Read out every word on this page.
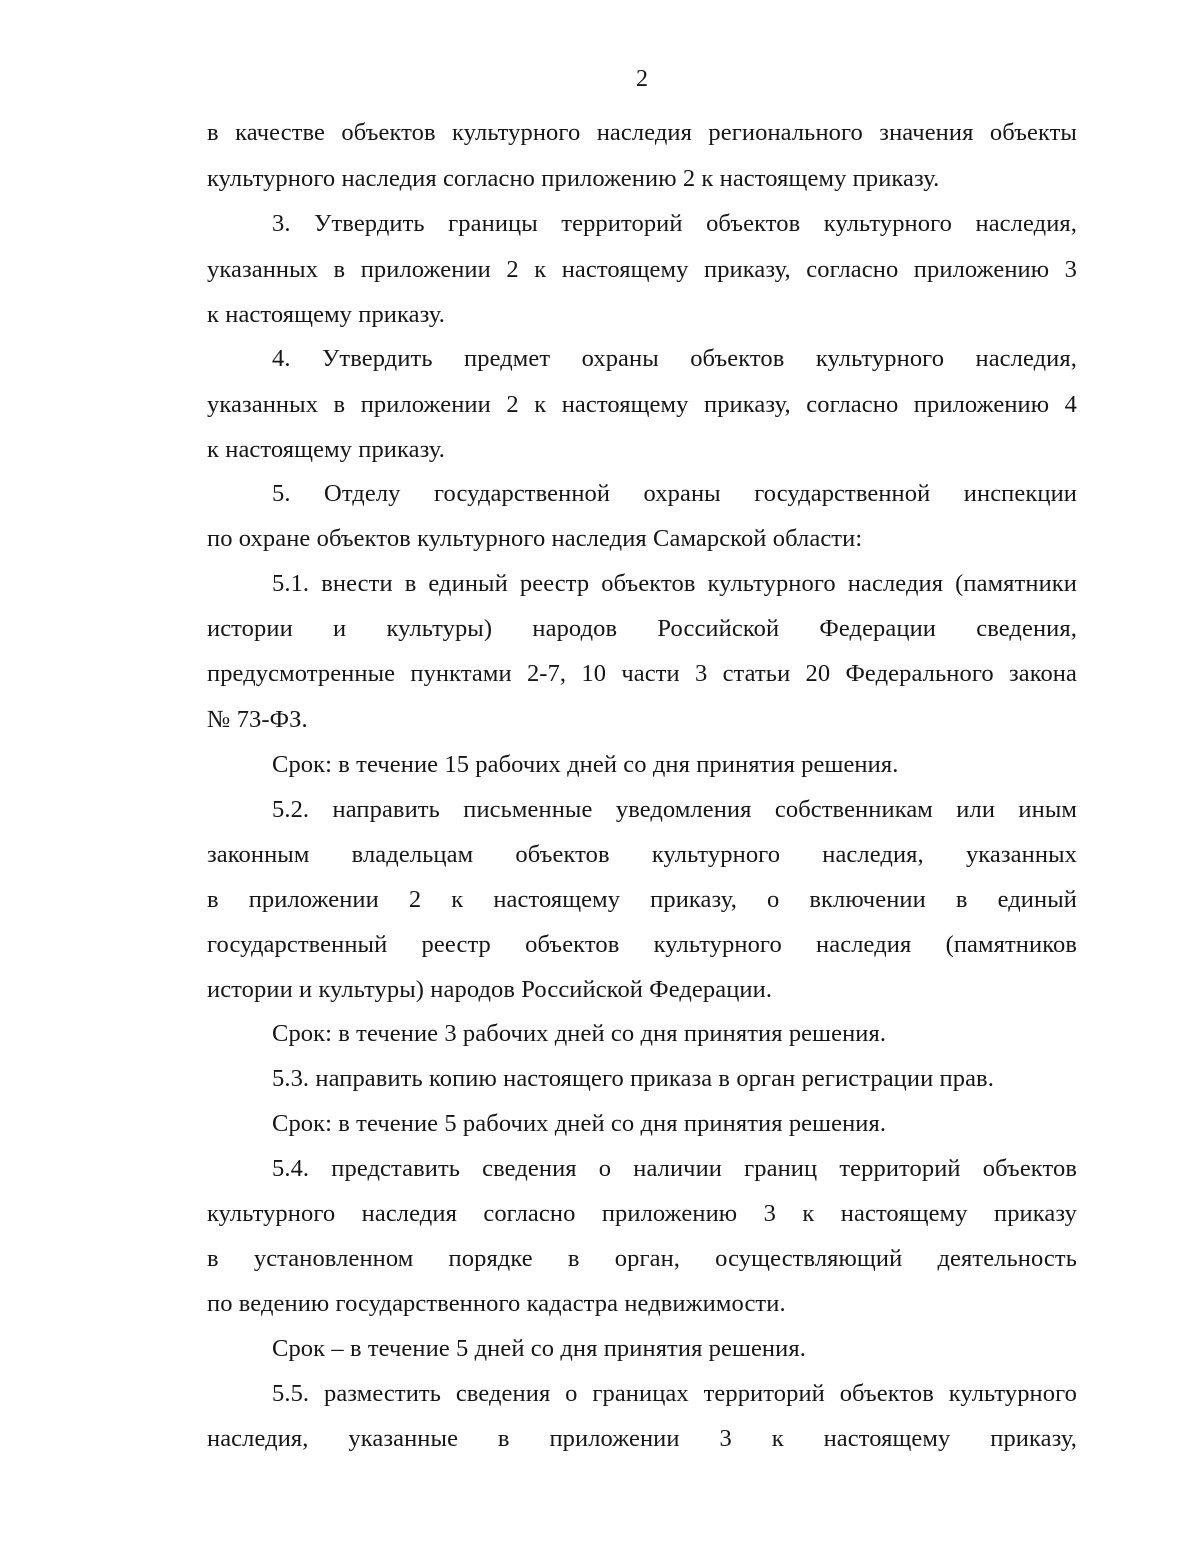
2
в качестве объектов культурного наследия регионального значения объекты
культурного наследия согласно приложению 2 к настоящему приказу.
3. Утвердить границы территорий объектов культурного наследия,
указанных в приложении 2 к настоящему приказу, согласно приложению 3
к настоящему приказу.
4. Утвердить предмет охраны объектов культурного наследия,
указанных в приложении 2 к настоящему приказу, согласно приложению 4
к настоящему приказу.
5. Отделу государственной охраны государственной инспекции
по охране объектов культурного наследия Самарской области:
5.1. внести в единый реестр объектов культурного наследия (памятники
истории и культуры) народов Российской Федерации сведения,
предусмотренные пунктами 2-7, 10 части 3 статьи 20 Федерального закона
№ 73-ФЗ.
Срок: в течение 15 рабочих дней со дня принятия решения.
5.2. направить письменные уведомления собственникам или иным
законным владельцам объектов культурного наследия, указанных
в приложении 2 к настоящему приказу, о включении в единый
государственный реестр объектов культурного наследия (памятников
истории и культуры) народов Российской Федерации.
Срок: в течение 3 рабочих дней со дня принятия решения.
5.3. направить копию настоящего приказа в орган регистрации прав.
Срок: в течение 5 рабочих дней со дня принятия решения.
5.4. представить сведения о наличии границ территорий объектов
культурного наследия согласно приложению 3 к настоящему приказу
в установленном порядке в орган, осуществляющий деятельность
по ведению государственного кадастра недвижимости.
Срок – в течение 5 дней со дня принятия решения.
5.5. разместить сведения о границах территорий объектов культурного
наследия, указанные в приложении 3 к настоящему приказу,
